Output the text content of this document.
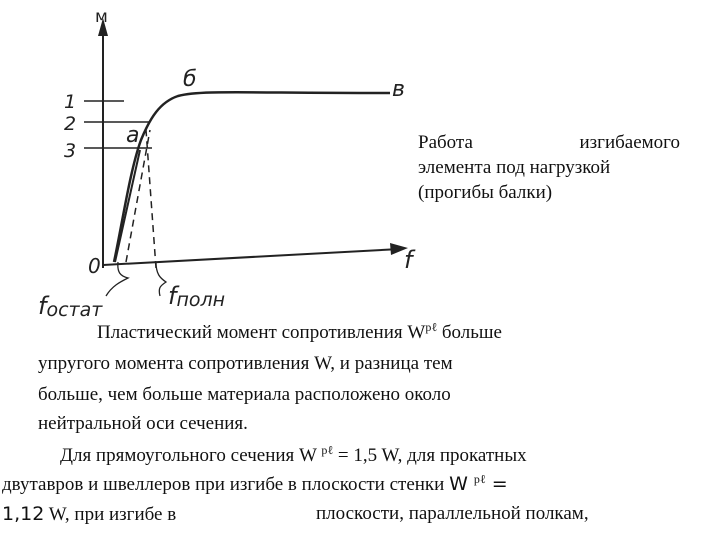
м
f
0
1
2
3
а
б	в
fостат	fполн
Работа	изгибаемого
элемента под нагрузкой
(прогибы балки)
Пластический момент сопротивления $W^{p\ell}$ больше
упругого момента сопротивления W, и разница тем
больше, чем больше материала расположено около
нейтральной оси сечения.
Для прямоугольного сечения W $^{p\ell}$ = 1,5 W, для прокатных
двутавров и швеллеров при изгибе в плоскости стенки W $^{p\ell}$ =
1,12 W, при изгибе в	плоскости, параллельной полкам,
